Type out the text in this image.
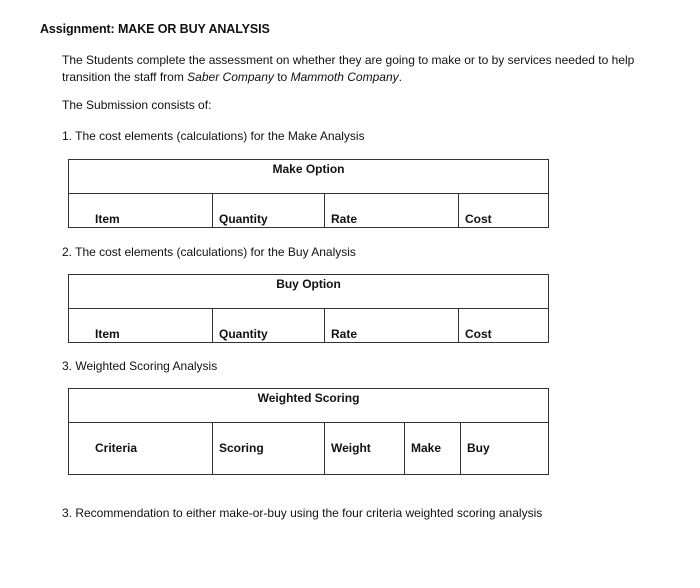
Assignment: MAKE OR BUY ANALYSIS
The Students complete the assessment on whether they are going to make or to by services needed to help transition the staff from Saber Company to Mammoth Company.
The Submission consists of:
1. The cost elements (calculations) for the Make Analysis
Make Option
Item	Quantity	Rate	Cost
2. The cost elements (calculations) for the Buy Analysis
Buy Option
Item	Quantity	Rate	Cost
3. Weighted Scoring Analysis
Weighted Scoring
Criteria	Scoring	Weight	Make	Buy
3. Recommendation to either make-or-buy using the four criteria weighted scoring analysis
